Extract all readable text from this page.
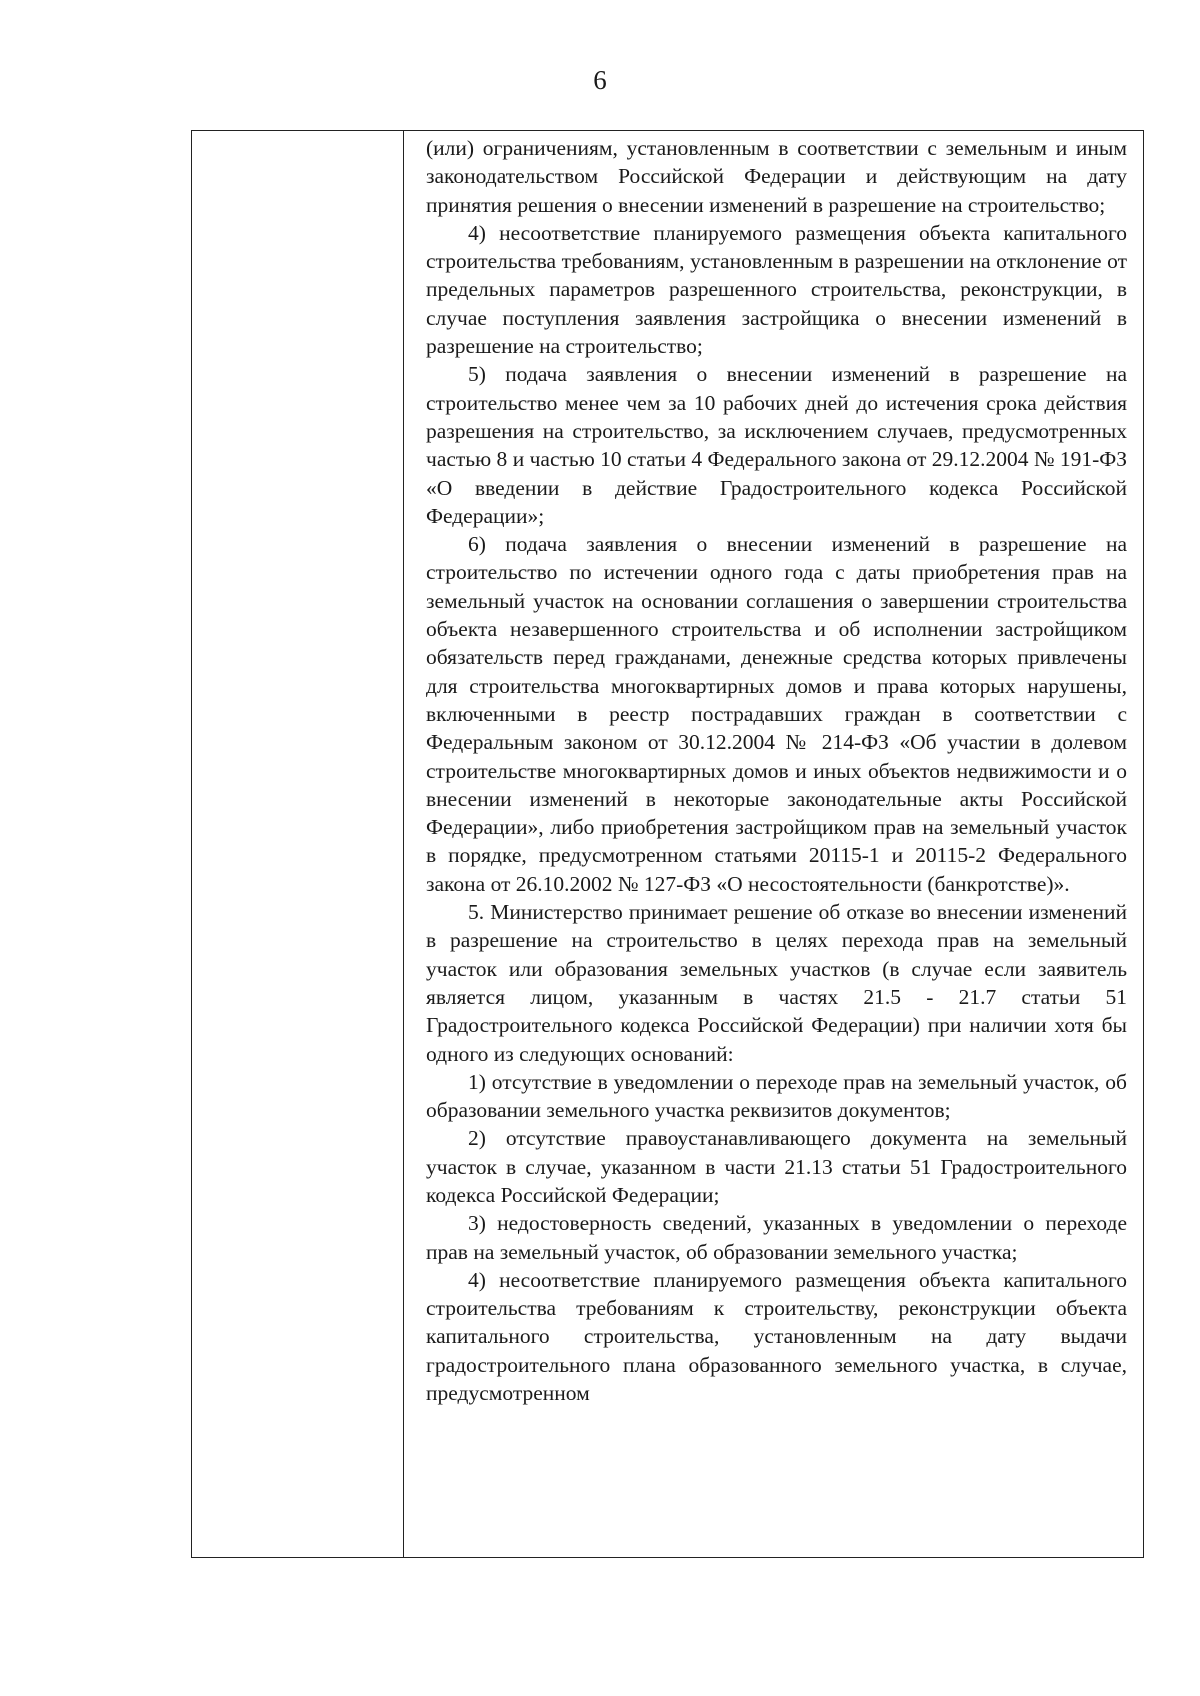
6

(или) ограничениям, установленным в соответствии с земельным и иным законодательством Российской Федерации и действующим на дату принятия решения о внесении изменений в разрешение на строительство;

4) несоответствие планируемого размещения объекта капитального строительства требованиям, установленным в разрешении на отклонение от предельных параметров разрешенного строительства, реконструкции, в случае поступления заявления застройщика о внесении изменений в разрешение на строительство;

5) подача заявления о внесении изменений в разрешение на строительство менее чем за 10 рабочих дней до истечения срока действия разрешения на строительство, за исключением случаев, предусмотренных частью 8 и частью 10 статьи 4 Федерального закона от 29.12.2004 № 191-ФЗ «О введении в действие Градостроительного кодекса Российской Федерации»;

6) подача заявления о внесении изменений в разрешение на строительство по истечении одного года с даты приобретения прав на земельный участок на основании соглашения о завершении строительства объекта незавершенного строительства и об исполнении застройщиком обязательств перед гражданами, денежные средства которых привлечены для строительства многоквартирных домов и права которых нарушены, включенными в реестр пострадавших граждан в соответствии с Федеральным законом от 30.12.2004 № 214-ФЗ «Об участии в долевом строительстве многоквартирных домов и иных объектов недвижимости и о внесении изменений в некоторые законодательные акты Российской Федерации», либо приобретения застройщиком прав на земельный участок в порядке, предусмотренном статьями 20115-1 и 20115-2 Федерального закона от 26.10.2002 № 127-ФЗ «О несостоятельности (банкротстве)».

5. Министерство принимает решение об отказе во внесении изменений в разрешение на строительство в целях перехода прав на земельный участок или образования земельных участков (в случае если заявитель является лицом, указанным в частях 21.5 - 21.7 статьи 51 Градостроительного кодекса Российской Федерации) при наличии хотя бы одного из следующих оснований:

1) отсутствие в уведомлении о переходе прав на земельный участок, об образовании земельного участка реквизитов документов;

2) отсутствие правоустанавливающего документа на земельный участок в случае, указанном в части 21.13 статьи 51 Градостроительного кодекса Российской Федерации;

3) недостоверность сведений, указанных в уведомлении о переходе прав на земельный участок, об образовании земельного участка;

4) несоответствие планируемого размещения объекта капитального строительства требованиям к строительству, реконструкции объекта капитального строительства, установленным на дату выдачи градостроительного плана образованного земельного участка, в случае, предусмотренном
